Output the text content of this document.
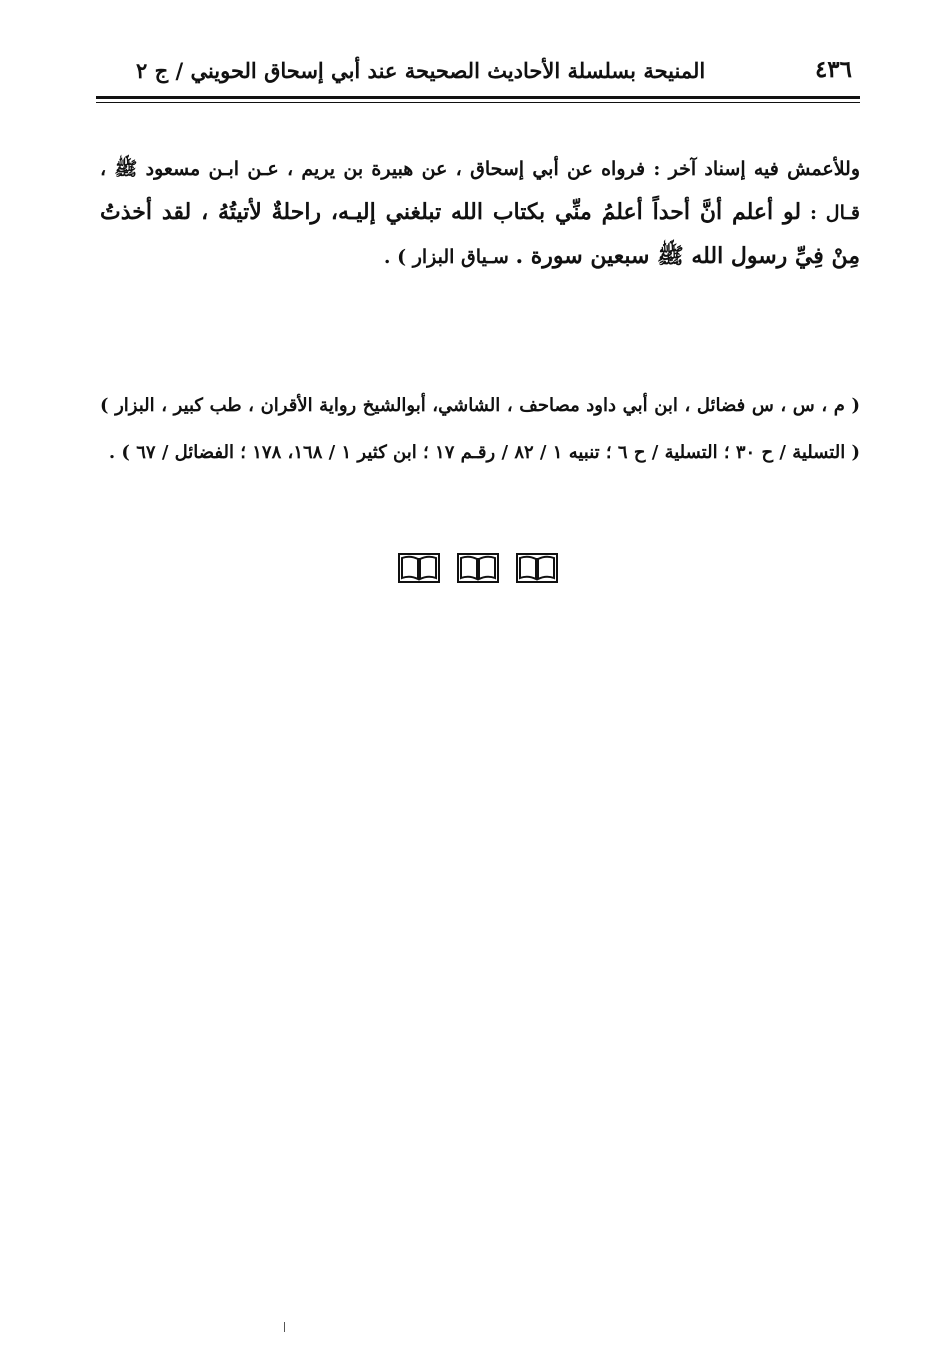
٤٣٦
المنيحة بسلسلة الأحاديث الصحيحة عند أبي إسحاق الحويني / ج ٢

وللأعمش فيه إسناد آخر : فرواه عن أبي إسحاق ، عن هبيرة بن يريم ، عـن ابـن مسعود ﷺ ، قـال : لو أعلم أنَّ أحداً أعلمُ منِّي بكتاب الله تبلغني إليـه، راحلةٌ لأتيتُهُ ، لقد أخذتُ مِنْ فِيِّ رسول الله ﷺ سبعين سورة . سـياق البزار ) .

( م ، س ، س فضائل ، ابن أبي داود مصاحف ، الشاشي، أبوالشيخ رواية الأقران ، طب كبير ، البزار ) ( التسلية / ح ٣٠ ؛ التسلية / ح ٦ ؛ تنبيه ١ / ٨٢ / رقـم ١٧ ؛ ابن كثير ١ / ١٦٨، ١٧٨ ؛ الفضائل / ٦٧ ) .
